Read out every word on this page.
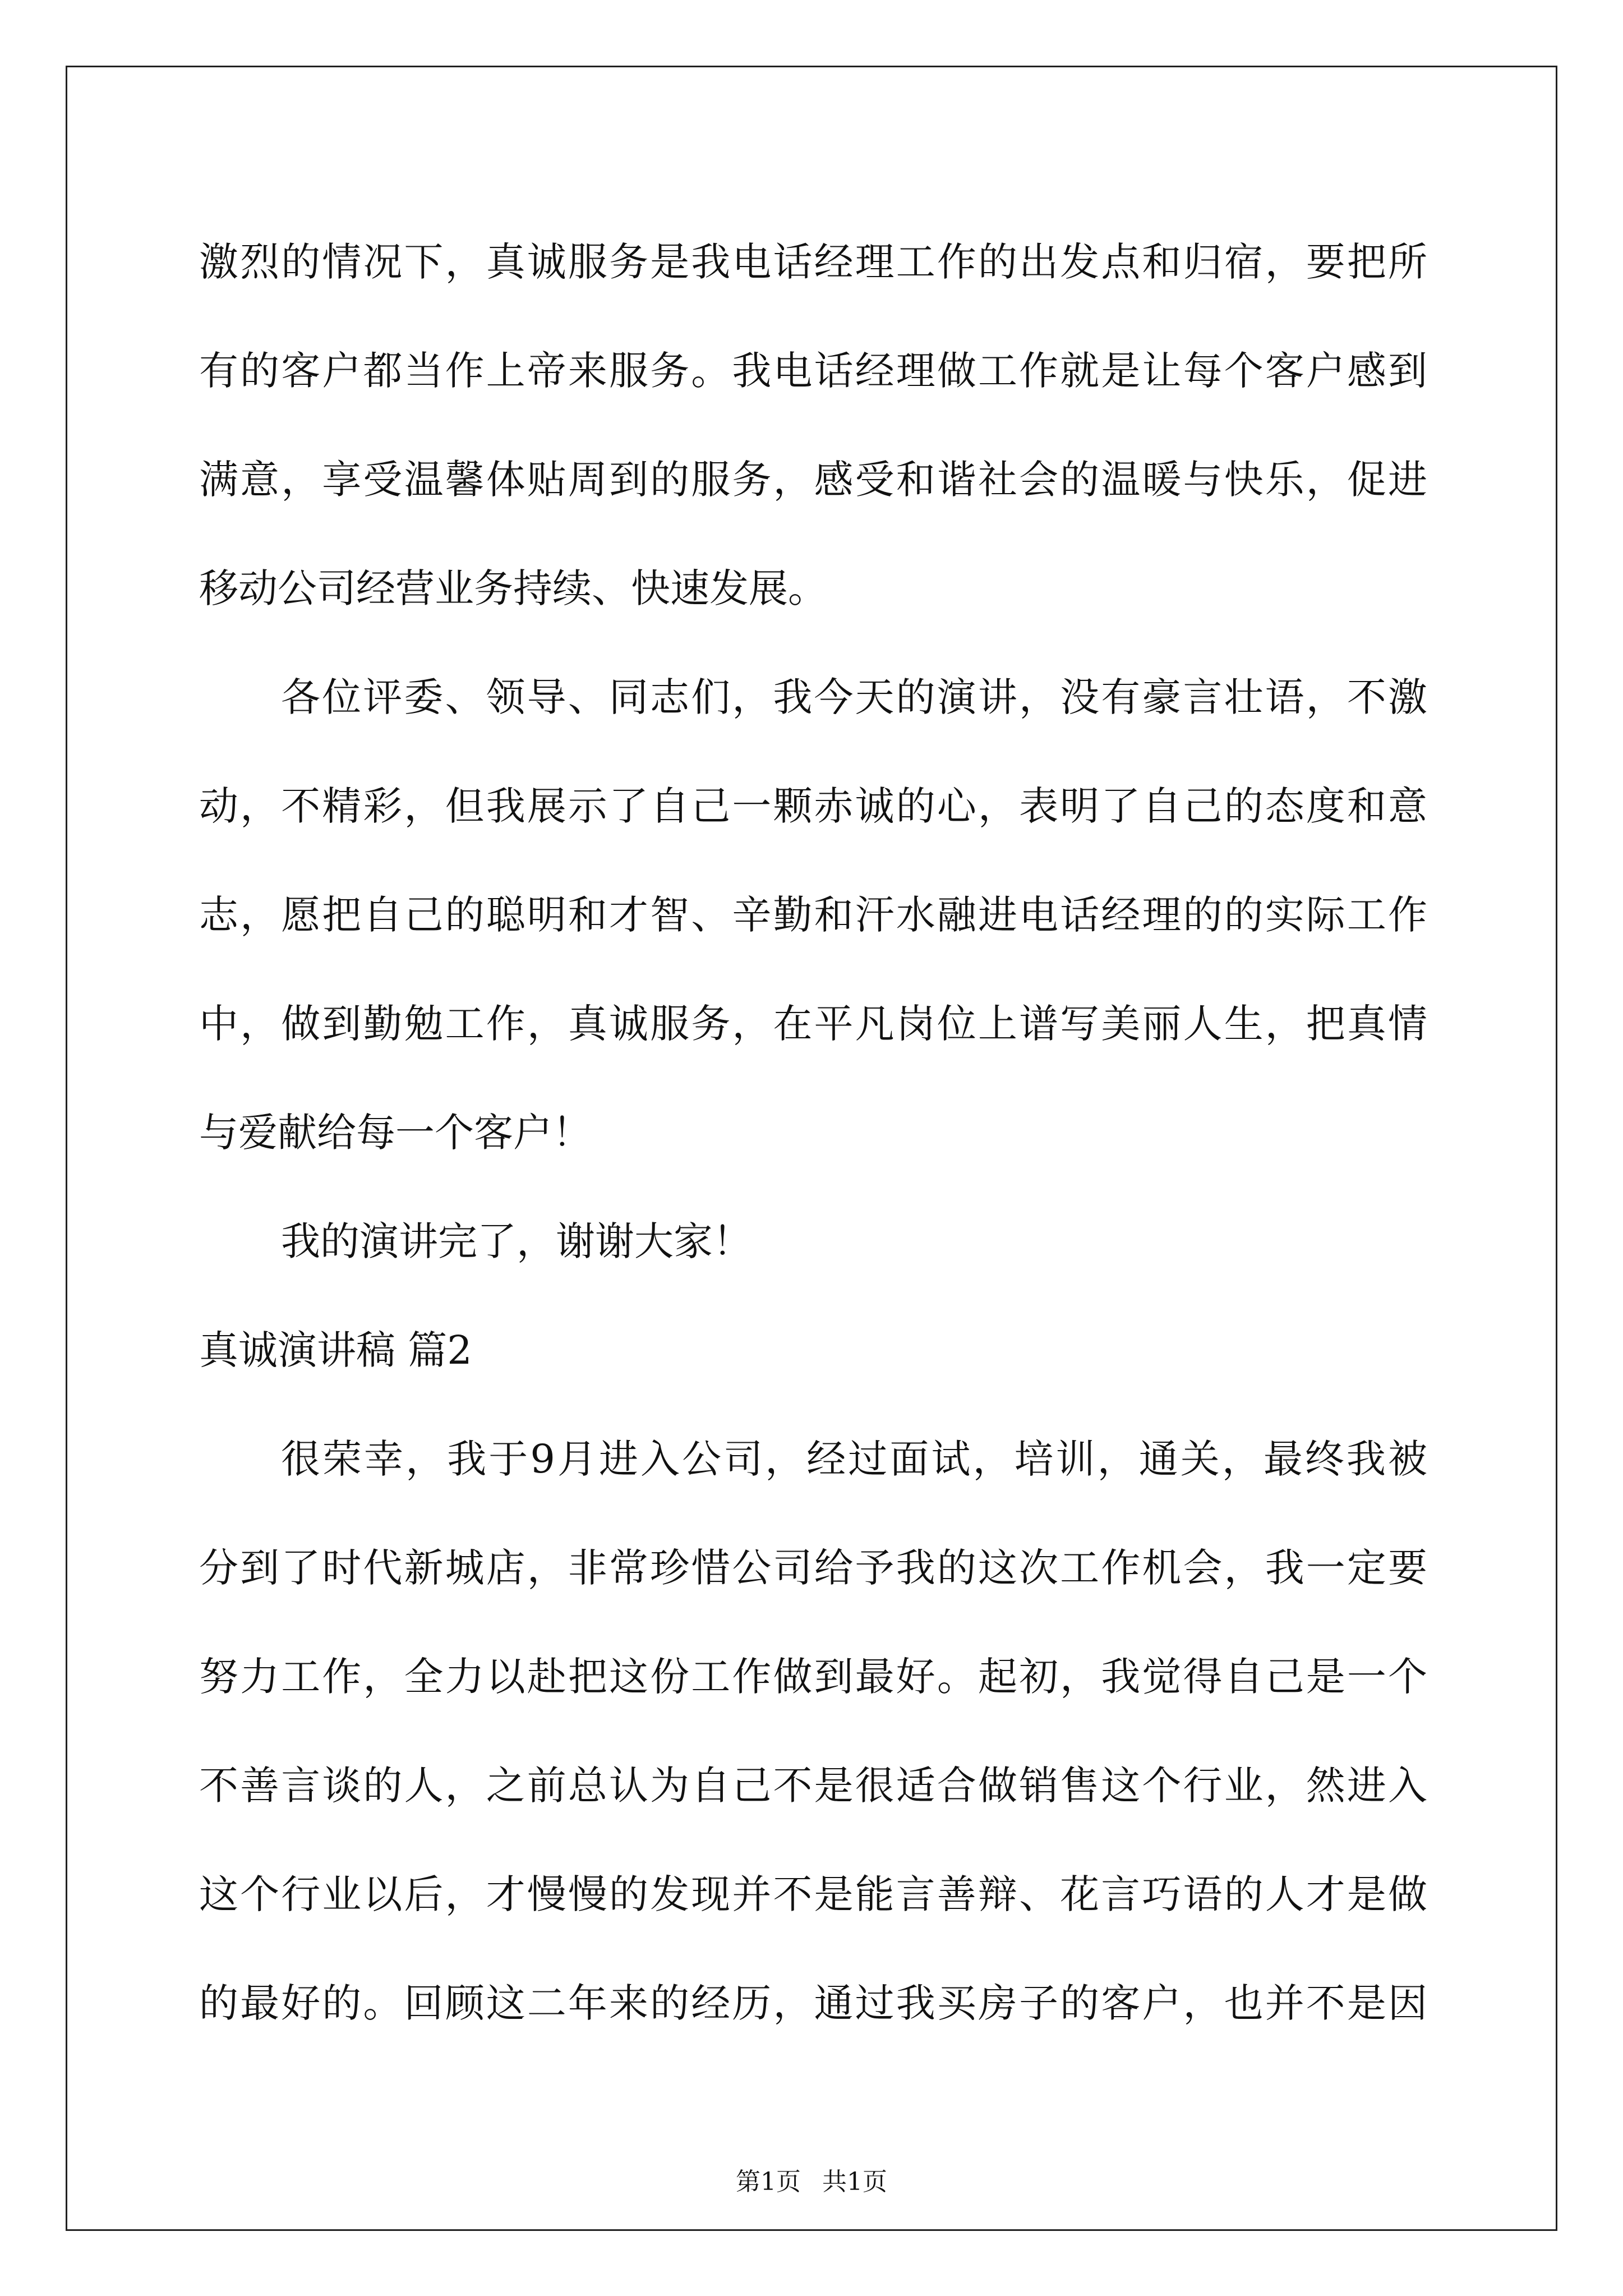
激烈的情况下，真诚服务是我电话经理工作的出发点和归宿，要把所
有的客户都当作上帝来服务。我电话经理做工作就是让每个客户感到
满意，享受温馨体贴周到的服务，感受和谐社会的温暖与快乐，促进
移动公司经营业务持续、快速发展。
各位评委、领导、同志们，我今天的演讲，没有豪言壮语，不激
动，不精彩，但我展示了自己一颗赤诚的心，表明了自己的态度和意
志，愿把自己的聪明和才智、辛勤和汗水融进电话经理的的实际工作
中，做到勤勉工作，真诚服务，在平凡岗位上谱写美丽人生，把真情
与爱献给每一个客户！
我的演讲完了，谢谢大家！
真诚演讲稿 篇2
很荣幸，我于9月进入公司，经过面试，培训，通关，最终我被
分到了时代新城店，非常珍惜公司给予我的这次工作机会，我一定要
努力工作，全力以赴把这份工作做到最好。起初，我觉得自己是一个
不善言谈的人，之前总认为自己不是很适合做销售这个行业，然进入
这个行业以后，才慢慢的发现并不是能言善辩、花言巧语的人才是做
的最好的。回顾这二年来的经历，通过我买房子的客户，也并不是因
第1页 共1页
